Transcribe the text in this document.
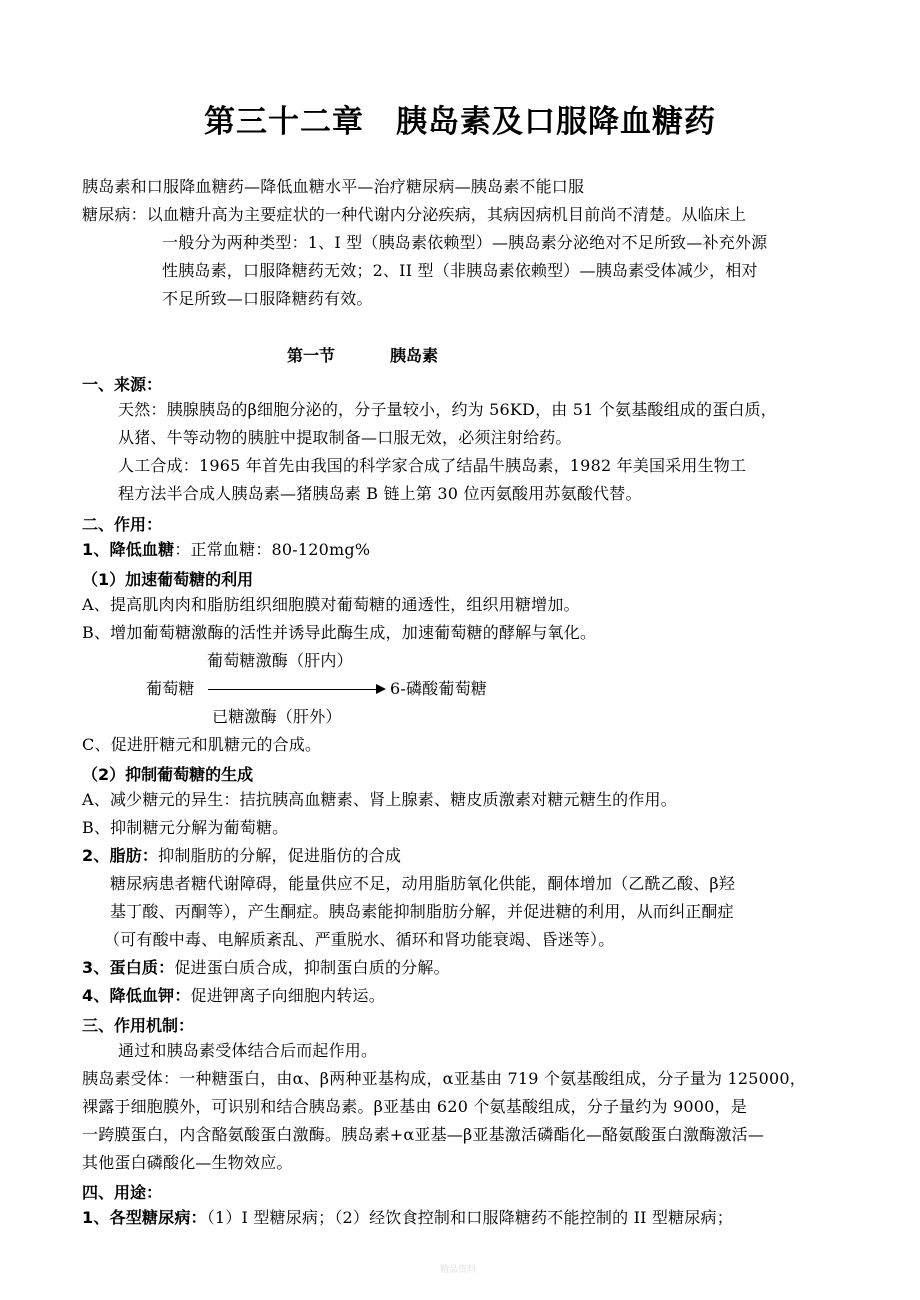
第三十二章　胰岛素及口服降血糖药
胰岛素和口服降血糖药—降低血糖水平—治疗糖尿病—胰岛素不能口服
糖尿病：以血糖升高为主要症状的一种代谢内分泌疾病，其病因病机目前尚不清楚。从临床上
一般分为两种类型：1、I 型（胰岛素依赖型）—胰岛素分泌绝对不足所致—补充外源
性胰岛素，口服降糖药无效；2、II 型（非胰岛素依赖型）—胰岛素受体减少，相对
不足所致—口服降糖药有效。
第一节	胰岛素
一、来源：
天然：胰腺胰岛的β细胞分泌的，分子量较小，约为 56KD，由 51 个氨基酸组成的蛋白质，
从猪、牛等动物的胰脏中提取制备—口服无效，必须注射给药。
人工合成：1965 年首先由我国的科学家合成了结晶牛胰岛素，1982 年美国采用生物工
程方法半合成人胰岛素—猪胰岛素 B 链上第 30 位丙氨酸用苏氨酸代替。
二、作用：
1、降低血糖：正常血糖：80-120mg%
（1）加速葡萄糖的利用
A、提高肌肉肉和脂肪组织细胞膜对葡萄糖的通透性，组织用糖增加。
B、增加葡萄糖激酶的活性并诱导此酶生成，加速葡萄糖的酵解与氧化。
葡萄糖激酶（肝内）
葡萄糖	6-磷酸葡萄糖
已糖激酶（肝外）
C、促进肝糖元和肌糖元的合成。
（2）抑制葡萄糖的生成
A、减少糖元的异生：拮抗胰高血糖素、肾上腺素、糖皮质激素对糖元糖生的作用。
B、抑制糖元分解为葡萄糖。
2、脂肪：抑制脂肪的分解，促进脂仿的合成
糖尿病患者糖代谢障碍，能量供应不足，动用脂肪氧化供能，酮体增加（乙酰乙酸、β羟
基丁酸、丙酮等），产生酮症。胰岛素能抑制脂肪分解，并促进糖的利用，从而纠正酮症
（可有酸中毒、电解质紊乱、严重脱水、循环和肾功能衰竭、昏迷等）。
3、蛋白质：促进蛋白质合成，抑制蛋白质的分解。
4、降低血钾：促进钾离子向细胞内转运。
三、作用机制：
通过和胰岛素受体结合后而起作用。
胰岛素受体：一种糖蛋白，由α、β两种亚基构成，α亚基由 719 个氨基酸组成，分子量为 125000，
裸露于细胞膜外，可识别和结合胰岛素。β亚基由 620 个氨基酸组成，分子量约为 9000，是
一跨膜蛋白，内含酪氨酸蛋白激酶。胰岛素+α亚基—β亚基激活磷酯化—酪氨酸蛋白激酶激活—
其他蛋白磷酸化—生物效应。
四、用途：
1、各型糖尿病：（1）I 型糖尿病；（2）经饮食控制和口服降糖药不能控制的 II 型糖尿病；
精品资料
